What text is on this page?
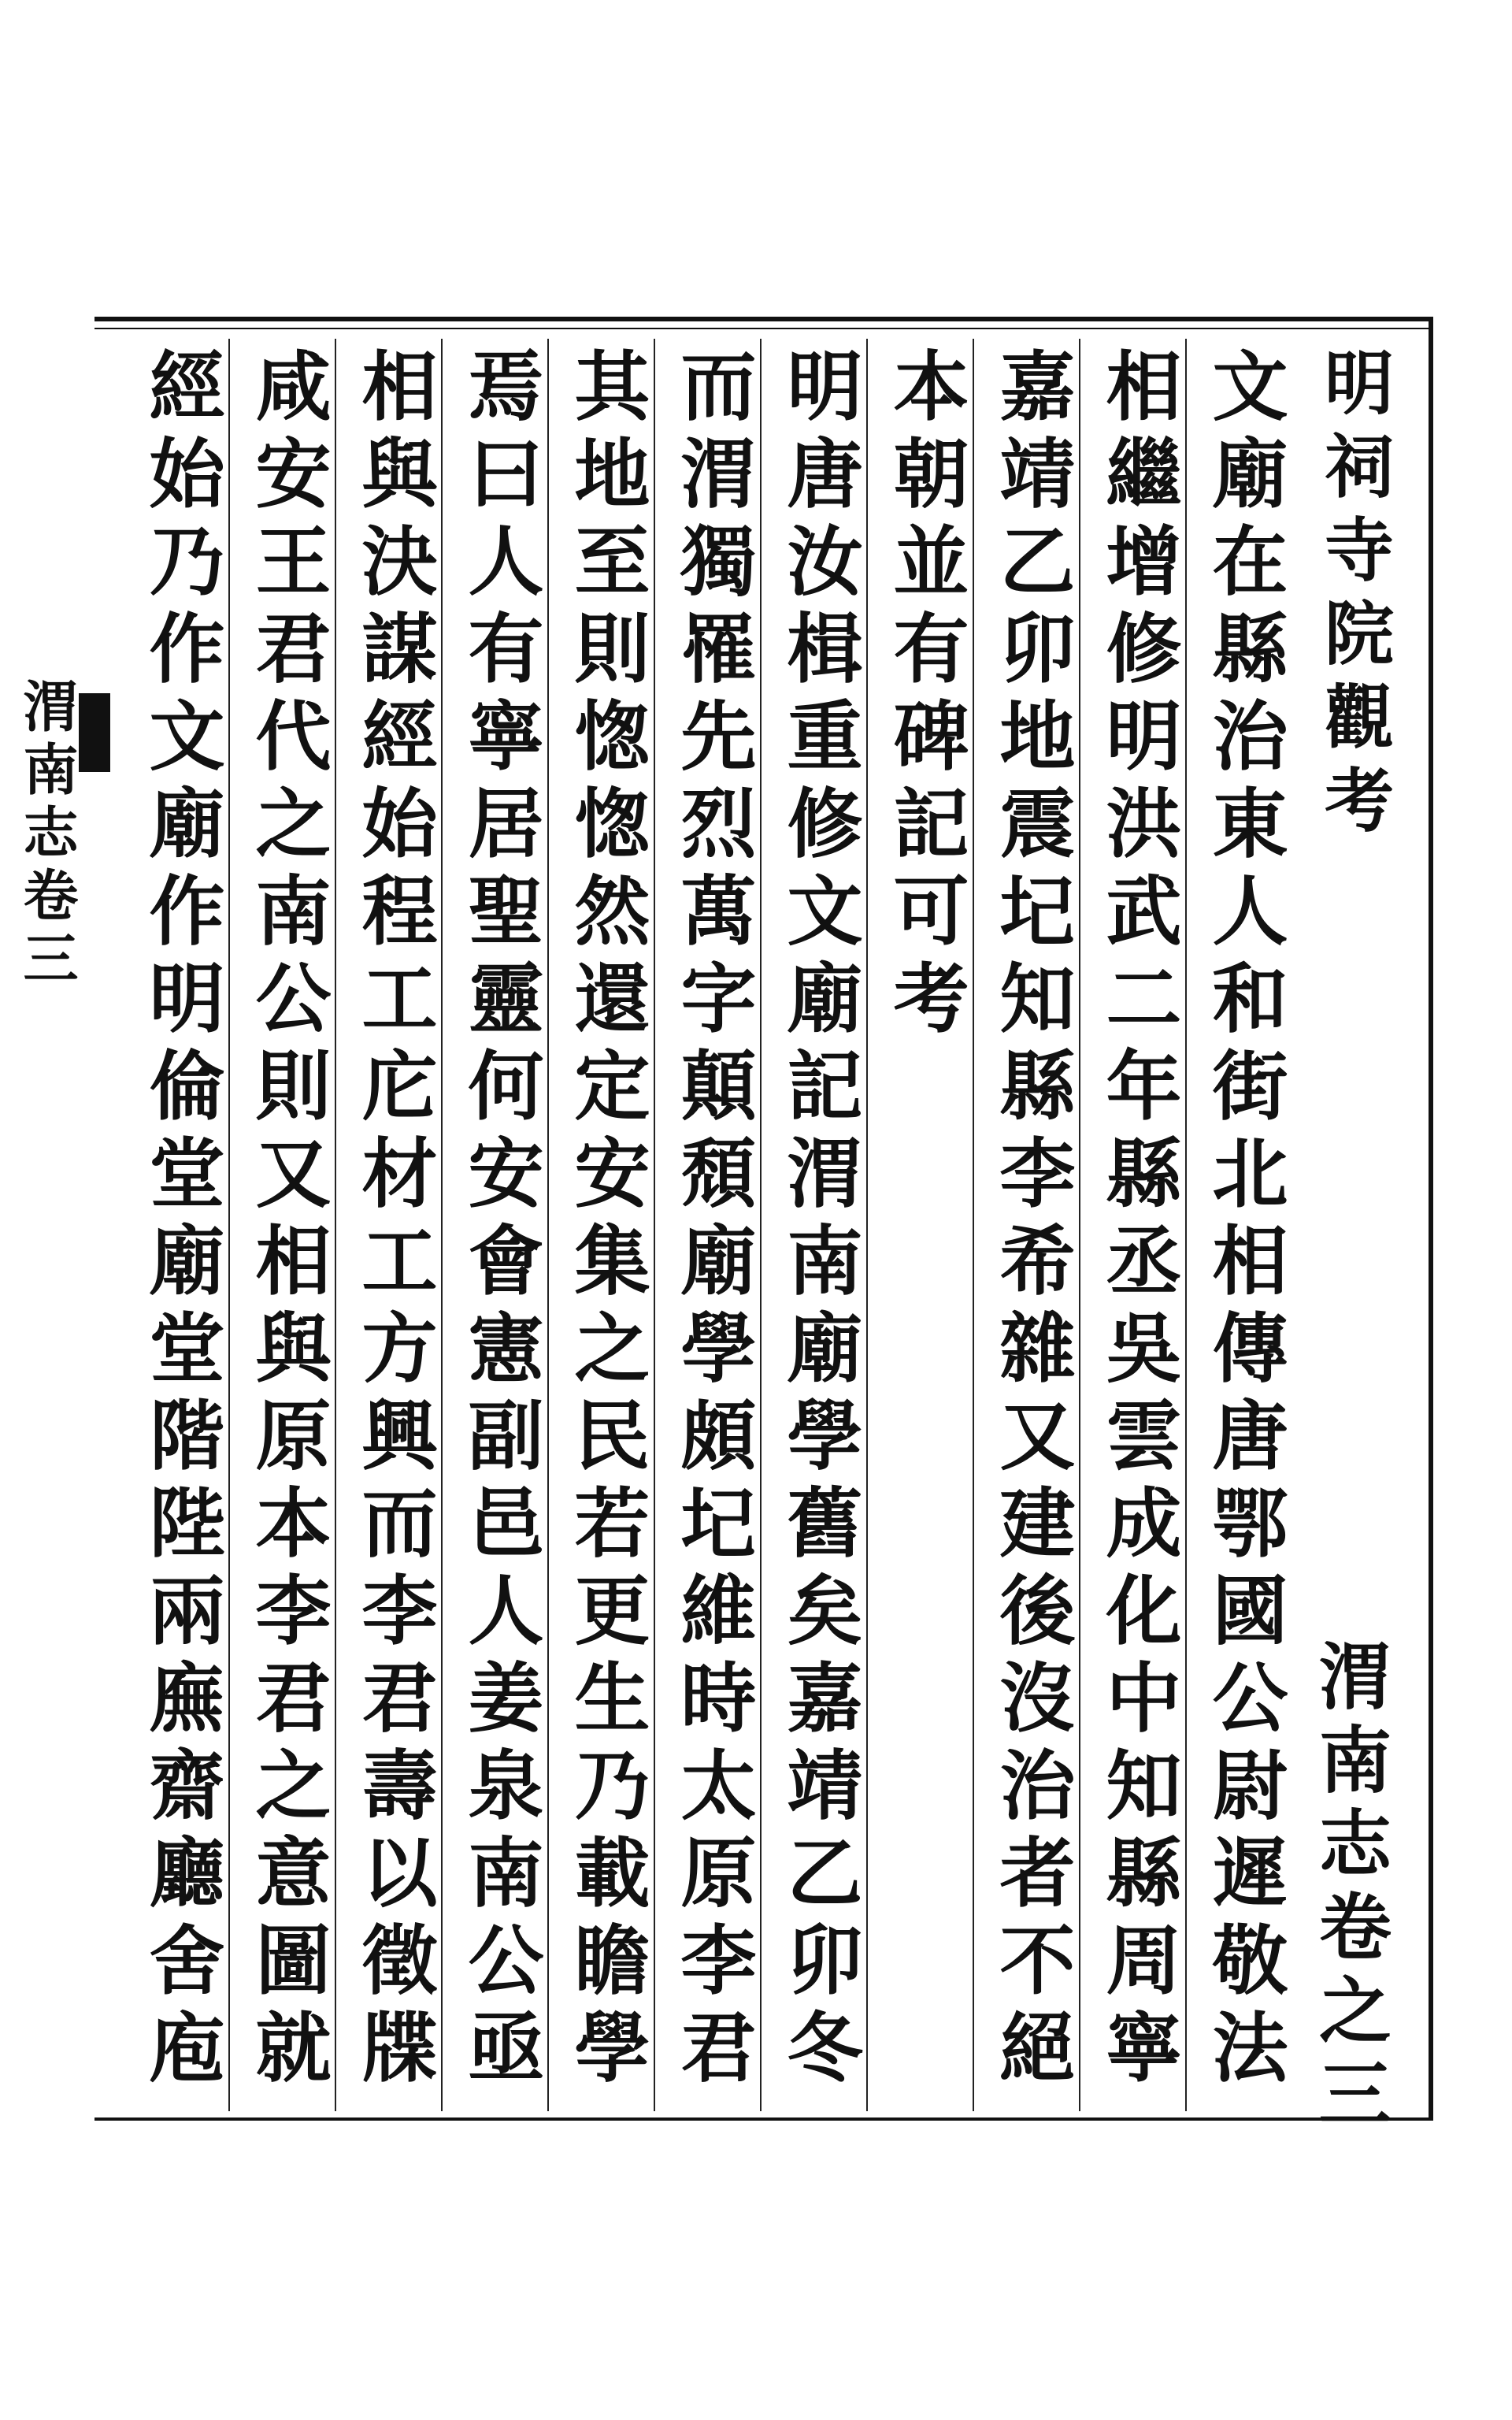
渭南志卷三	明祠寺院觀考
文廟在縣治東人和街北相傳唐鄂國公尉遲敬法
相繼增修明洪武二年縣丞吳雲成化中知縣周寧
嘉靖乙卯地震圮知縣李希雜又建後沒治者不絕
本朝並有碑記可考
明唐汝楫重修文廟記渭南廟學舊矣嘉靖乙卯冬
而渭獨罹先烈萬字顛頹廟學頗圮維時太原李君
其地至則愡愡然還定安集之民若更生乃載瞻學
焉曰人有寧居聖靈何安會憲副邑人姜泉南公亟
相與決謀經始程工庀材工方興而李君壽以徵牒
咸安王君代之南公則又相與原本李君之意圖就
經始乃作文廟作明倫堂廟堂階陛兩廡齋廳舍庖	渭南志卷之三
